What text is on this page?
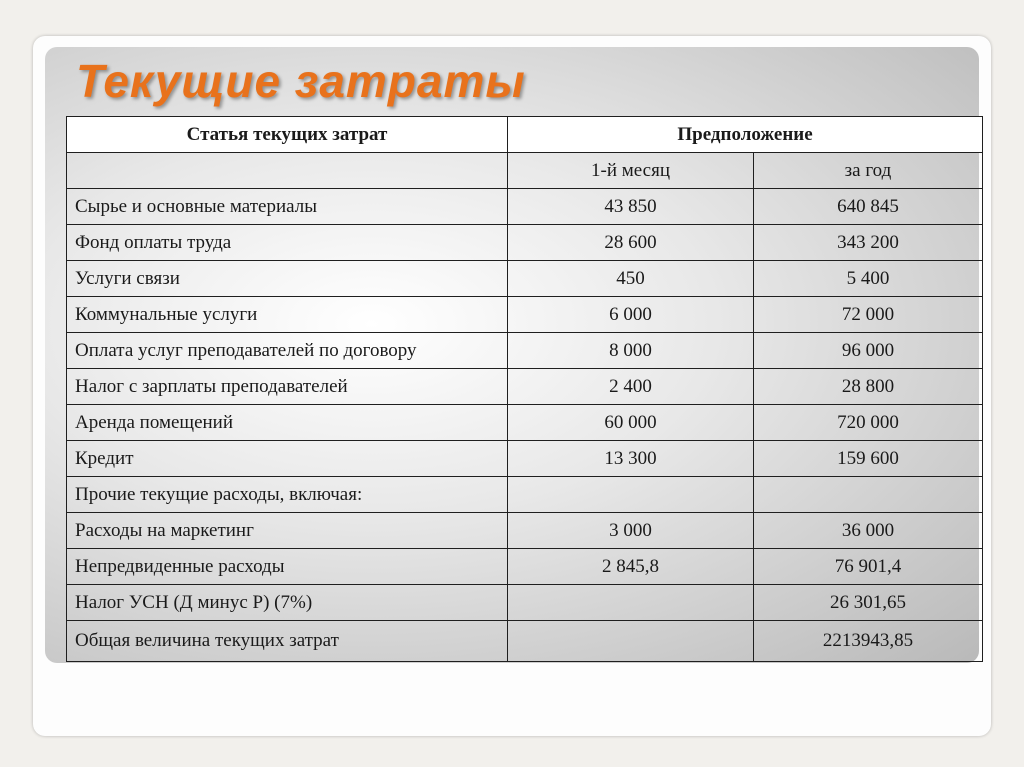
Текущие затраты
Статья текущих затрат	Предположение	
	1-й месяц	за год
Сырье и основные материалы	43 850	640 845
Фонд оплаты труда	28 600	343 200
Услуги связи	450	5 400
Коммунальные услуги	6 000	72 000
Оплата услуг преподавателей по договору	8 000	96 000
Налог с зарплаты преподавателей	2 400	28 800
Аренда помещений	60 000	720 000
Кредит	13 300	159 600
Прочие текущие расходы, включая:		
Расходы на маркетинг	3 000	36 000
Непредвиденные расходы	2 845,8	76 901,4
Налог УСН (Д минус Р) (7%)		26 301,65
Общая величина текущих затрат		2213943,85
